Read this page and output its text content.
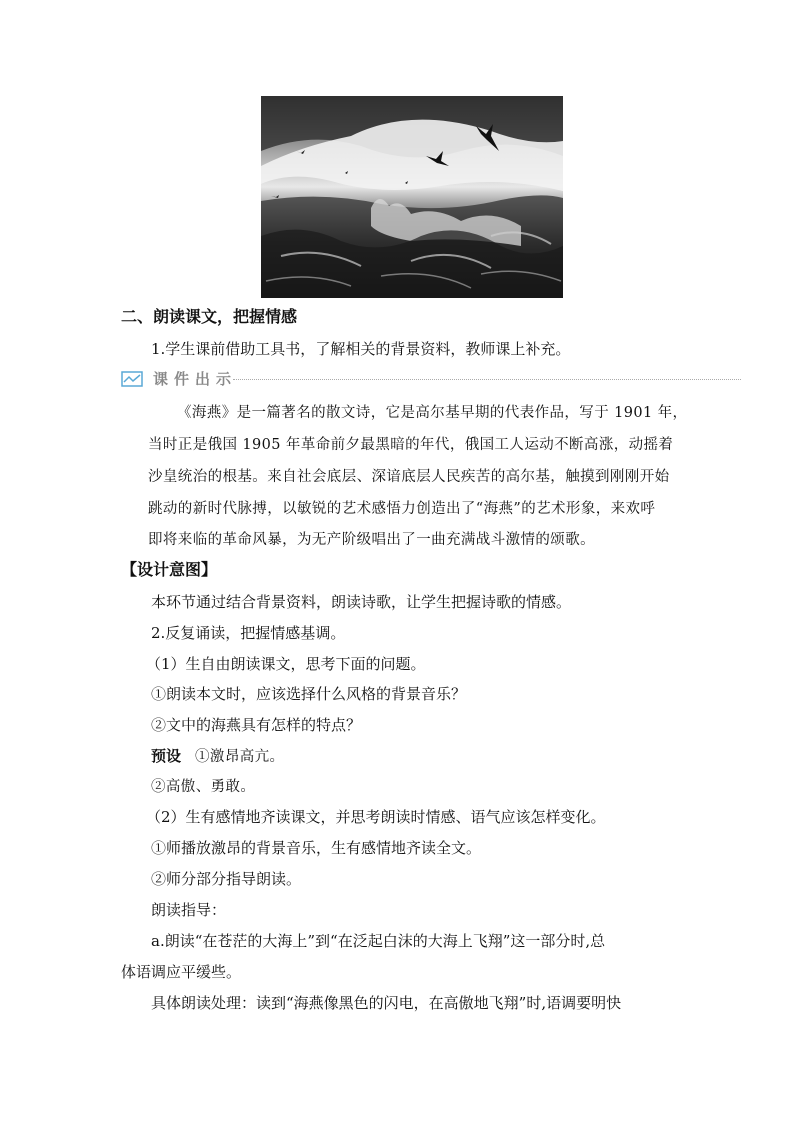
二、朗读课文，把握情感
1.学生课前借助工具书，了解相关的背景资料，教师课上补充。
课件出示
《海燕》是一篇著名的散文诗，它是高尔基早期的代表作品，写于 1901 年，
当时正是俄国 1905 年革命前夕最黑暗的年代，俄国工人运动不断高涨，动摇着
沙皇统治的根基。来自社会底层、深谙底层人民疾苦的高尔基，触摸到刚刚开始
跳动的新时代脉搏，以敏锐的艺术感悟力创造出了“海燕”的艺术形象，来欢呼
即将来临的革命风暴，为无产阶级唱出了一曲充满战斗激情的颂歌。
【设计意图】
本环节通过结合背景资料，朗读诗歌，让学生把握诗歌的情感。
2.反复诵读，把握情感基调。
（1）生自由朗读课文，思考下面的问题。
①朗读本文时，应该选择什么风格的背景音乐？
②文中的海燕具有怎样的特点？
预设 ①激昂高亢。
②高傲、勇敢。
（2）生有感情地齐读课文，并思考朗读时情感、语气应该怎样变化。
①师播放激昂的背景音乐，生有感情地齐读全文。
②师分部分指导朗读。
朗读指导：
a.朗读“在苍茫的大海上”到“在泛起白沫的大海上飞翔”这一部分时,总
体语调应平缓些。
具体朗读处理：读到“海燕像黑色的闪电，在高傲地飞翔”时,语调要明快
